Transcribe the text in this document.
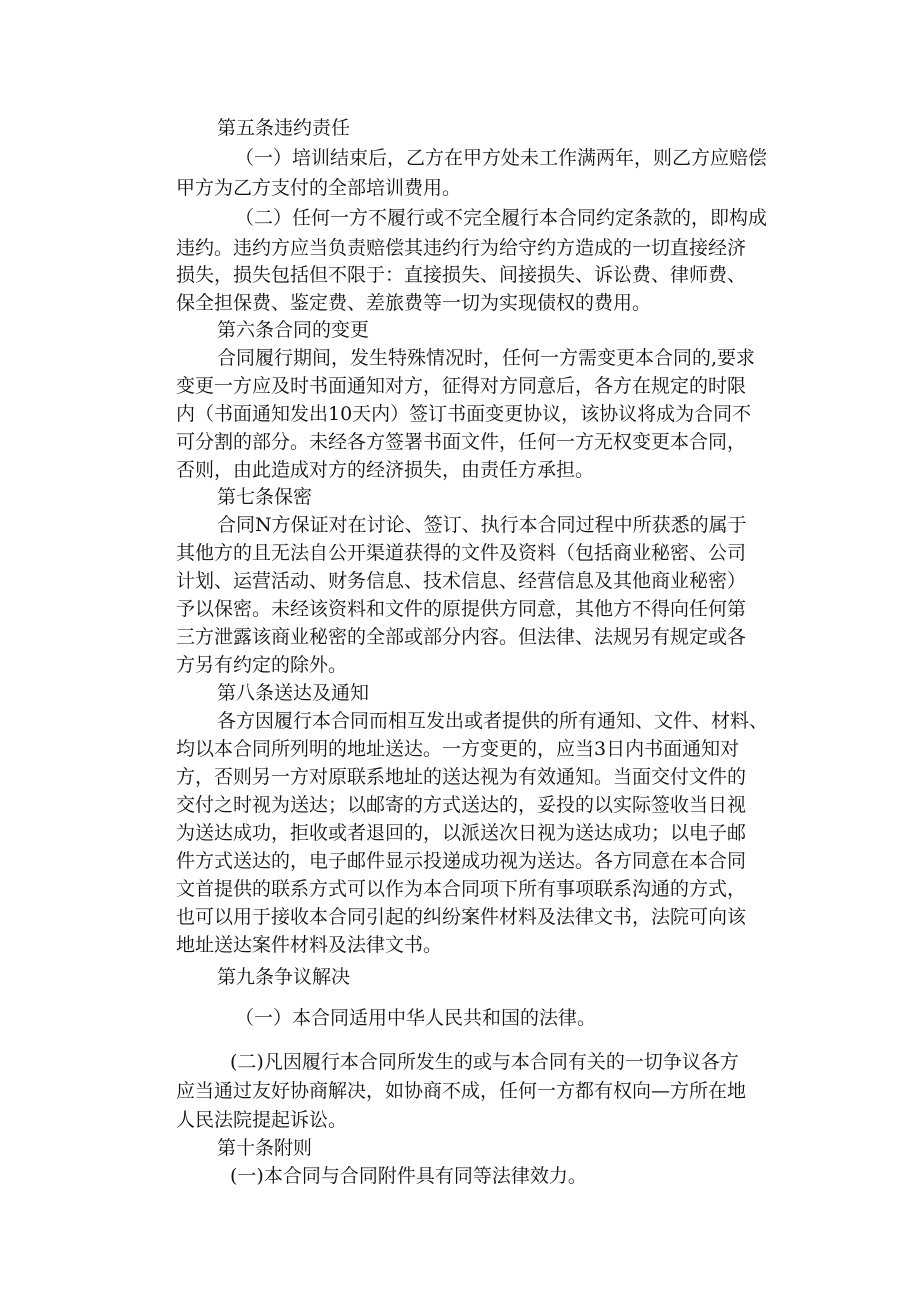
第五条违约责任
（一）培训结束后，乙方在甲方处未工作满两年，则乙方应赔偿
甲方为乙方支付的全部培训费用。
（二）任何一方不履行或不完全履行本合同约定条款的，即构成
违约。违约方应当负责赔偿其违约行为给守约方造成的一切直接经济
损失，损失包括但不限于：直接损失、间接损失、诉讼费、律师费、
保全担保费、鉴定费、差旅费等一切为实现债权的费用。
第六条合同的变更
合同履行期间，发生特殊情况时，任何一方需变更本合同的,要求
变更一方应及时书面通知对方，征得对方同意后，各方在规定的时限
内（书面通知发出10天内）签订书面变更协议，该协议将成为合同不
可分割的部分。未经各方签署书面文件，任何一方无权变更本合同，
否则，由此造成对方的经济损失，由责任方承担。
第七条保密
合同N方保证对在讨论、签订、执行本合同过程中所获悉的属于
其他方的且无法自公开渠道获得的文件及资料（包括商业秘密、公司
计划、运营活动、财务信息、技术信息、经营信息及其他商业秘密）
予以保密。未经该资料和文件的原提供方同意，其他方不得向任何第
三方泄露该商业秘密的全部或部分内容。但法律、法规另有规定或各
方另有约定的除外。
第八条送达及通知
各方因履行本合同而相互发出或者提供的所有通知、文件、材料、
均以本合同所列明的地址送达。一方变更的，应当3日内书面通知对
方，否则另一方对原联系地址的送达视为有效通知。当面交付文件的
交付之时视为送达；以邮寄的方式送达的，妥投的以实际签收当日视
为送达成功，拒收或者退回的，以派送次日视为送达成功；以电子邮
件方式送达的，电子邮件显示投递成功视为送达。各方同意在本合同
文首提供的联系方式可以作为本合同项下所有事项联系沟通的方式，
也可以用于接收本合同引起的纠纷案件材料及法律文书，法院可向该
地址送达案件材料及法律文书。
第九条争议解决
（一）本合同适用中华人民共和国的法律。
(二)凡因履行本合同所发生的或与本合同有关的一切争议各方
应当通过友好协商解决，如协商不成，任何一方都有权向—方所在地
人民法院提起诉讼。
第十条附则
(一)本合同与合同附件具有同等法律效力。
